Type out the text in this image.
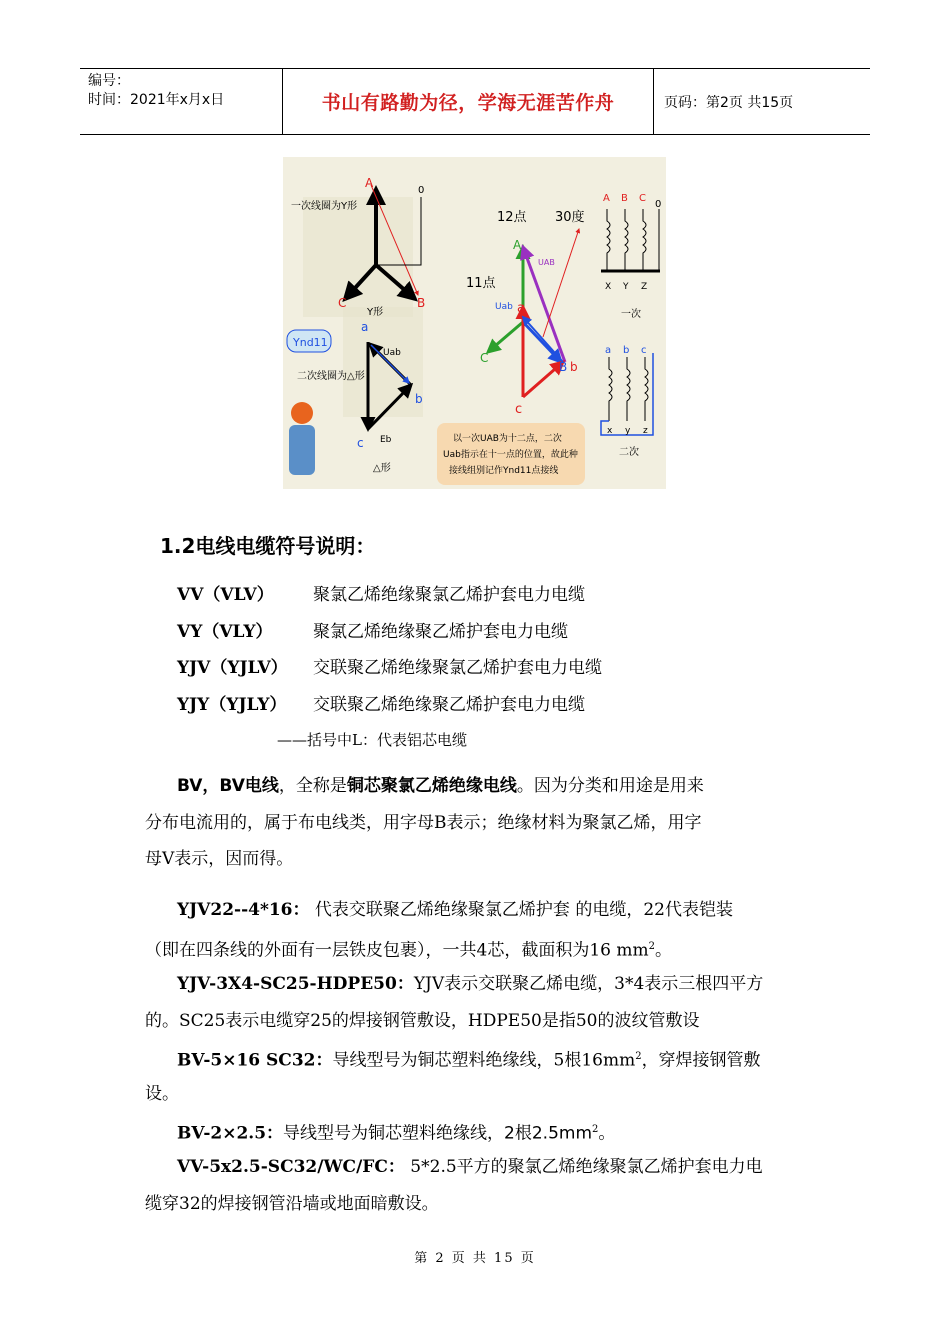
编号：
时间：2021年x月x日	书山有路勤为径，学海无涯苦作舟	页码：第2页 共15页
一次线圈为Y形
A
0
C	B
Y形
Ynd11
二次线圈为△形
a
c
b
Uab
Eb
△形
12点 30度
11点
A
UAB
Uab a
C
B b
c
A B C
0
X Y Z
一次
a b c
x y z
二次
以一次UAB为十二点，二次
Uab指示在十一点的位置，故此种
接线组别记作Ynd11点接线
1.2电线电缆符号说明：
VV（VLV） 聚氯乙烯绝缘聚氯乙烯护套电力电缆
VY（VLY） 聚氯乙烯绝缘聚乙烯护套电力电缆
YJV（YJLV） 交联聚乙烯绝缘聚氯乙烯护套电力电缆
YJY（YJLY） 交联聚乙烯绝缘聚乙烯护套电力电缆
——括号中L：代表铝芯电缆
BV，BV电线，全称是铜芯聚氯乙烯绝缘电线。因为分类和用途是用来
分布电流用的，属于布电线类，用字母B表示；绝缘材料为聚氯乙烯，用字
母V表示，因而得。
YJV22--4*16： 代表交联聚乙烯绝缘聚氯乙烯护套 的电缆，22代表铠装
（即在四条线的外面有一层铁皮包裹），一共4芯，截面积为16 $mm^2$。
YJV-3X4-SC25-HDPE50：YJV表示交联聚乙烯电缆，3*4表示三根四平方
的。SC25表示电缆穿25的焊接钢管敷设，HDPE50是指50的波纹管敷设
BV-5×16 SC32：导线型号为铜芯塑料绝缘线，5根$16mm^2$，穿焊接钢管敷
设。
BV-2×2.5：导线型号为铜芯塑料绝缘线，2根$2.5mm^2$。
VV-5x2.5-SC32/WC/FC： 5*2.5平方的聚氯乙烯绝缘聚氯乙烯护套电力电
缆穿32的焊接钢管沿墙或地面暗敷设。
第 2 页 共 15 页
